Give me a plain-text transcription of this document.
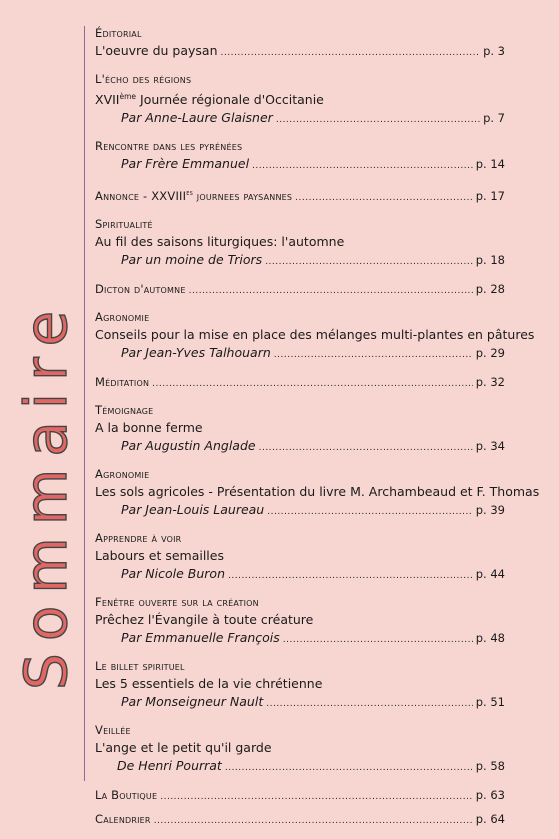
Sommaire
Éditorial
L'oeuvre du paysan .....	p. 3
L'écho des régions
XVIIème Journée régionale d'Occitanie
Par Anne-Laure Glaisner .....	p. 7
Rencontre dans les pyrénées
Par Frère Emmanuel .....	p. 14
Annonce - $XXVIII^{es}$ journees paysannes .....	p. 17
Spiritualité
Au fil des saisons liturgiques: l'automne
Par un moine de Triors .....	p. 18
Dicton d'automne .....	p. 28
Agronomie
Conseils pour la mise en place des mélanges multi-plantes en pâtures
Par Jean-Yves Talhouarn .....	p. 29
Méditation .....	p. 32
Témoignage
A la bonne ferme
Par Augustin Anglade .....	p. 34
Agronomie
Les sols agricoles - Présentation du livre M. Archambeaud et F. Thomas
Par Jean-Louis Laureau .....	p. 39
Apprendre à voir
Labours et semailles
Par Nicole Buron .....	p. 44
Fenêtre ouverte sur la création
Prêchez l'Évangile à toute créature
Par Emmanuelle François .....	p. 48
Le billet spirituel
Les 5 essentiels de la vie chrétienne
Par Monseigneur Nault .....	p. 51
Veillée
L'ange et le petit qu'il garde
De Henri Pourrat .....	p. 58
La Boutique .....	p. 63
Calendrier .....	p. 64
